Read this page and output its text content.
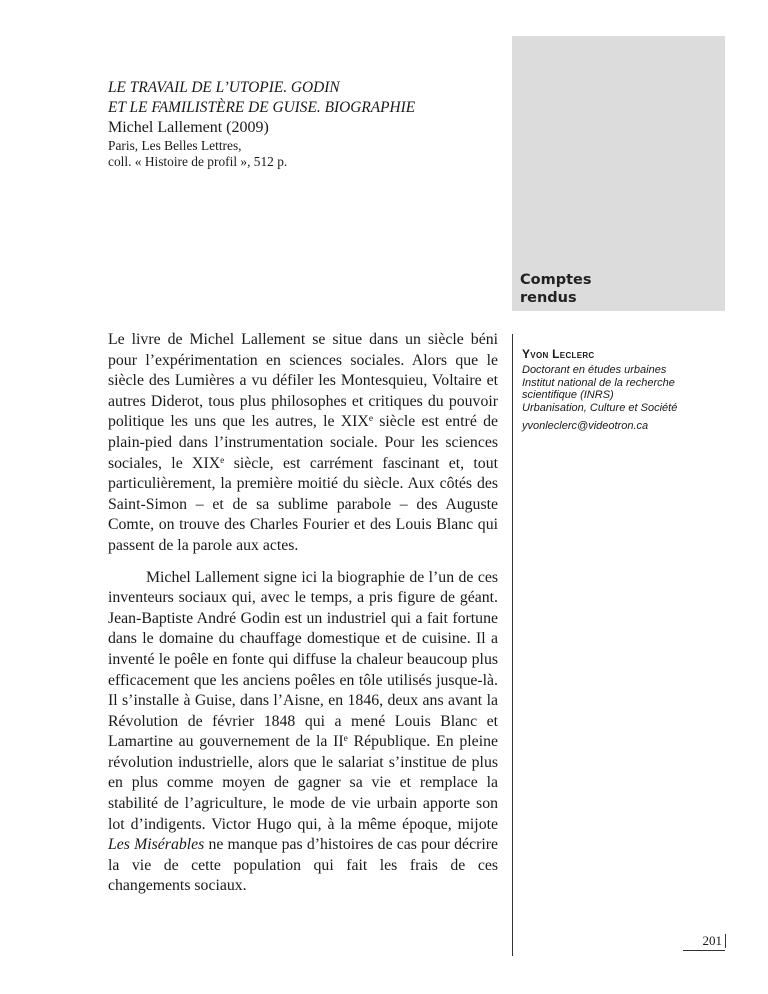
Comptes
rendus
LE TRAVAIL DE L’UTOPIE. GODIN
ET LE FAMILISTÈRE DE GUISE. BIOGRAPHIE
Michel Lallement (2009)
Paris, Les Belles Lettres,
coll. « Histoire de profil », 512 p.
Yvon Leclerc
Doctorant en études urbaines
Institut national de la recherche
scientifique (INRS)
Urbanisation, Culture et Société
yvonleclerc@videotron.ca

Le livre de Michel Lallement se situe dans un siècle béni pour l’expérimentation en sciences sociales. Alors que le siècle des Lumières a vu défiler les Montesquieu, Voltaire et autres Diderot, tous plus philosophes et critiques du pouvoir politique les uns que les autres, le XIXe siècle est entré de plain-pied dans l’instrumentation sociale. Pour les sciences sociales, le XIXe siècle, est carrément fascinant et, tout particulièrement, la première moitié du siècle. Aux côtés des Saint-Simon – et de sa sublime parabole – des Auguste Comte, on trouve des Charles Fourier et des Louis Blanc qui passent de la parole aux actes.

Michel Lallement signe ici la biographie de l’un de ces inventeurs sociaux qui, avec le temps, a pris figure de géant. Jean-Baptiste André Godin est un industriel qui a fait fortune dans le domaine du chauffage domestique et de cuisine. Il a inventé le poêle en fonte qui diffuse la chaleur beaucoup plus efficacement que les anciens poêles en tôle utilisés jusque-là. Il s’installe à Guise, dans l’Aisne, en 1846, deux ans avant la Révolution de février 1848 qui a mené Louis Blanc et Lamartine au gouvernement de la IIe République. En pleine révolution industrielle, alors que le salariat s’institue de plus en plus comme moyen de gagner sa vie et remplace la stabilité de l’agriculture, le mode de vie urbain apporte son lot d’indigents. Victor Hugo qui, à la même époque, mijote Les Misérables ne manque pas d’histoires de cas pour décrire la vie de cette population qui fait les frais de ces changements sociaux.

201
